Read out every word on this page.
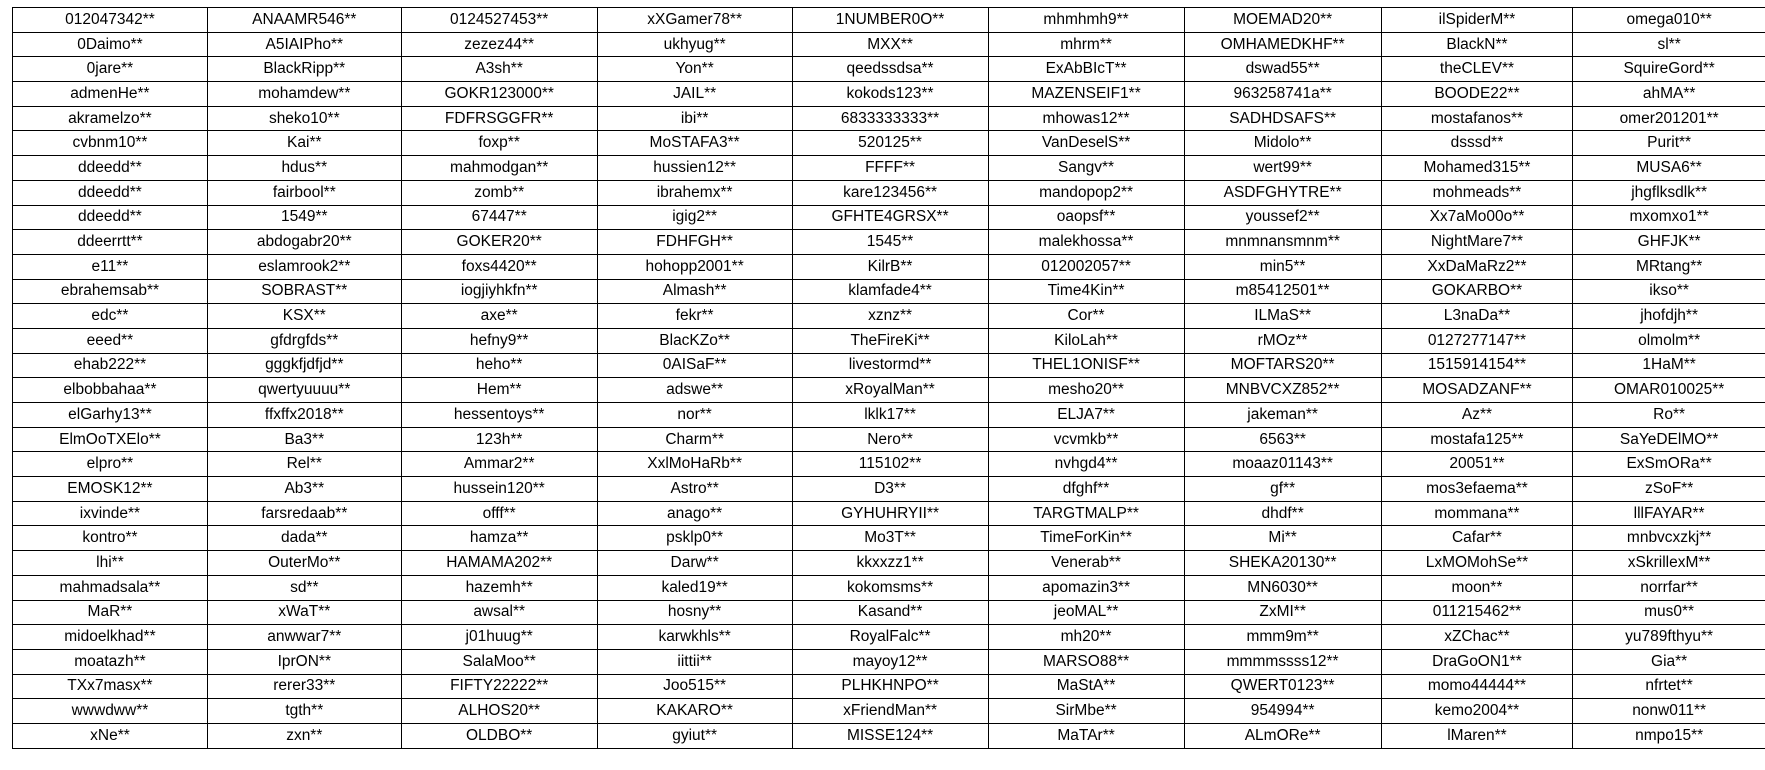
012047342**	ANAAMR546**	0124527453**	xXGamer78**	1NUMBER0O**	mhmhmh9**	MOEMAD20**	ilSpiderM**	omega010**
0Daimo**	A5IAIPho**	zezez44**	ukhyug**	MXX**	mhrm**	OMHAMEDKHF**	BlackN**	sl**
0jare**	BlackRipp**	A3sh**	Yon**	qeedssdsa**	ExAbBIcT**	dswad55**	theCLEV**	SquireGord**
admenHe**	mohamdew**	GOKR123000**	JAIL**	kokods123**	MAZENSEIF1**	963258741a**	BOODE22**	ahMA**
akramelzo**	sheko10**	FDFRSGGFR**	ibi**	6833333333**	mhowas12**	SADHDSAFS**	mostafanos**	omer201201**
cvbnm10**	Kai**	foxp**	MoSTAFA3**	520125**	VanDeselS**	Midolo**	dsssd**	Purit**
ddeedd**	hdus**	mahmodgan**	hussien12**	FFFF**	Sangv**	wert99**	Mohamed315**	MUSA6**
ddeedd**	fairbool**	zomb**	ibrahemx**	kare123456**	mandopop2**	ASDFGHYTRE**	mohmeads**	jhgflksdlk**
ddeedd**	1549**	67447**	igig2**	GFHTE4GRSX**	oaopsf**	youssef2**	Xx7aMo00o**	mxomxo1**
ddeerrtt**	abdogabr20**	GOKER20**	FDHFGH**	1545**	malekhossa**	mnmnansmnm**	NightMare7**	GHFJK**
e11**	eslamrook2**	foxs4420**	hohopp2001**	KilrB**	012002057**	min5**	XxDaMaRz2**	MRtang**
ebrahemsab**	SOBRAST**	iogjiyhkfn**	Almash**	klamfade4**	Time4Kin**	m85412501**	GOKARBO**	ikso**
edc**	KSX**	axe**	fekr**	xznz**	Cor**	ILMaS**	L3naDa**	jhofdjh**
eeed**	gfdrgfds**	hefny9**	BlacKZo**	TheFireKi**	KiloLah**	rMOz**	0127277147**	olmolm**
ehab222**	gggkfjdfjd**	heho**	0AISaF**	livestormd**	THEL1ONISF**	MOFTARS20**	1515914154**	1HaM**
elbobbahaa**	qwertyuuuu**	Hem**	adswe**	xRoyalMan**	mesho20**	MNBVCXZ852**	MOSADZANF**	OMAR010025**
elGarhy13**	ffxffx2018**	hessentoys**	nor**	lklk17**	ELJA7**	jakeman**	Az**	Ro**
ElmOoTXElo**	Ba3**	123h**	Charm**	Nero**	vcvmkb**	6563**	mostafa125**	SaYeDElMO**
elpro**	Rel**	Ammar2**	XxlMoHaRb**	115102**	nvhgd4**	moaaz01143**	20051**	ExSmORa**
EMOSK12**	Ab3**	hussein120**	Astro**	D3**	dfghf**	gf**	mos3efaema**	zSoF**
ixvinde**	farsredaab**	offf**	anago**	GYHUHRYII**	TARGTMALP**	dhdf**	mommana**	lllFAYAR**
kontro**	dada**	hamza**	psklp0**	Mo3T**	TimeForKin**	Mi**	Cafar**	mnbvcxzkj**
lhi**	OuterMo**	HAMAMA202**	Darw**	kkxxzz1**	Venerab**	SHEKA20130**	LxMOMohSe**	xSkrillexM**
mahmadsala**	sd**	hazemh**	kaled19**	kokomsms**	apomazin3**	MN6030**	moon**	norrfar**
MaR**	xWaT**	awsal**	hosny**	Kasand**	jeoMAL**	ZxMI**	011215462**	mus0**
midoelkhad**	anwwar7**	j01huug**	karwkhls**	RoyalFalc**	mh20**	mmm9m**	xZChac**	yu789fthyu**
moatazh**	IprON**	SalaMoo**	iittii**	mayoy12**	MARSO88**	mmmmssss12**	DraGoON1**	Gia**
TXx7masx**	rerer33**	FIFTY22222**	Joo515**	PLHKHNPO**	MaStA**	QWERT0123**	momo44444**	nfrtet**
wwwdww**	tgth**	ALHOS20**	KAKARO**	xFriendMan**	SirMbe**	954994**	kemo2004**	nonw011**
xNe**	zxn**	OLDBO**	gyiut**	MISSE124**	MaTAr**	ALmORe**	lMaren**	nmpo15**
